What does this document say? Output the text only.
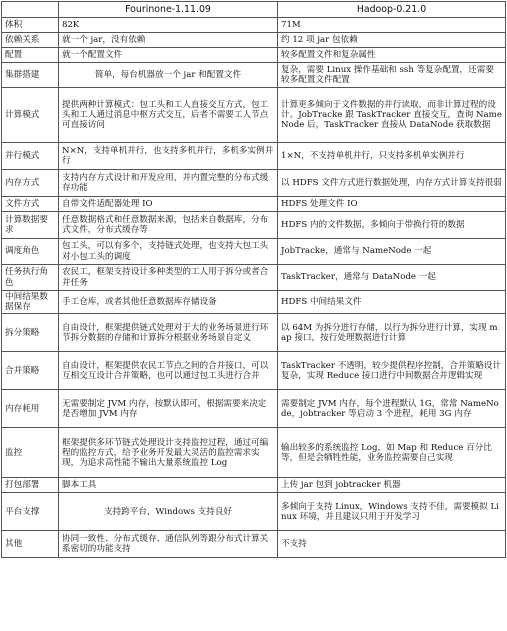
	Fourinone-1.11.09	Hadoop-0.21.0
体积	82K	71M
依赖关系	就一个 jar，没有依赖	约 12 项 jar 包依赖
配置	就一个配置文件	较多配置文件和复杂属性
集群搭建	简单，每台机器放一个 jar 和配置文件	复杂，需要 Linux 操作基础和 ssh 等复杂配置，还需要较多配置文件配置
计算模式	提供两种计算模式：包工头和工人直接交互方式，包工头和工人通过消息中枢方式交互，后者不需要工人节点可直接访问	计算更多倾向于文件数据的并行读取，而非计算过程的设计。JobTracke 跟 TaskTracker 直接交互，查询 NameNode 后，TaskTracker 直接从 DataNode 获取数据
并行模式	N×N，支持单机并行，也支持多机并行，多机多实例并行	1×N，不支持单机并行，只支持多机单实例并行
内存方式	支持内存方式设计和开发应用，并内置完整的分布式缓存功能	以 HDFS 文件方式进行数据处理，内存方式计算支持很弱
文件方式	自带文件适配器处理 IO	HDFS 处理文件 IO
计算数据要求	任意数据格式和任意数据来源，包括来自数据库，分布式文件，分布式缓存等	HDFS 内的文件数据，多倾向于带换行符的数据
调度角色	包工头，可以有多个，支持链式处理，也支持大包工头对小包工头的调度	JobTracke，通常与 NameNode 一起
任务执行角色	农民工，框架支持设计多种类型的工人用于拆分或者合并任务	TaskTracker，通常与 DataNode 一起
中间结果数据保存	手工仓库，或者其他任意数据库存储设备	HDFS 中间结果文件
拆分策略	自由设计，框架提供链式处理对于大的业务场景进行环节拆分数据的存储和计算拆分根据业务场景自定义	以 64M 为拆分进行存储，以行为拆分进行计算，实现 map 接口，按行处理数据进行计算
合并策略	自由设计，框架提供农民工节点之间的合并接口，可以互相交互设计合并策略，也可以通过包工头进行合并	TaskTracker 不透明，较少提供程序控制，合并策略设计复杂，实现 Reduce 接口进行中间数据合并逻辑实现
内存耗用	无需要制定 JVM 内存，按默认即可，根据需要来决定是否增加 JVM 内存	需要制定 JVM 内存，每个进程默认 1G，常常 NameNode，jobtracker 等启动 3 个进程，耗用 3G 内存
监控	框架提供多环节链式处理设计支持监控过程，通过可编程的监控方式，给予业务开发最大灵活的监控需求实现，为追求高性能不输出大量系统监控 Log	输出较多的系统监控 Log，如 Map 和 Reduce 百分比等，但是会牺牲性能，业务监控需要自己实现
打包部署	脚本工具	上传 jar 包到 jobtracker 机器
平台支撑	支持跨平台，Windows 支持良好	多倾向于支持 Linux，Windows 支持不佳，需要模拟 Linux 环境，并且建议只用于开发学习
其他	协同一致性、分布式缓存、通信队列等跟分布式计算关系密切的功能支持	不支持
